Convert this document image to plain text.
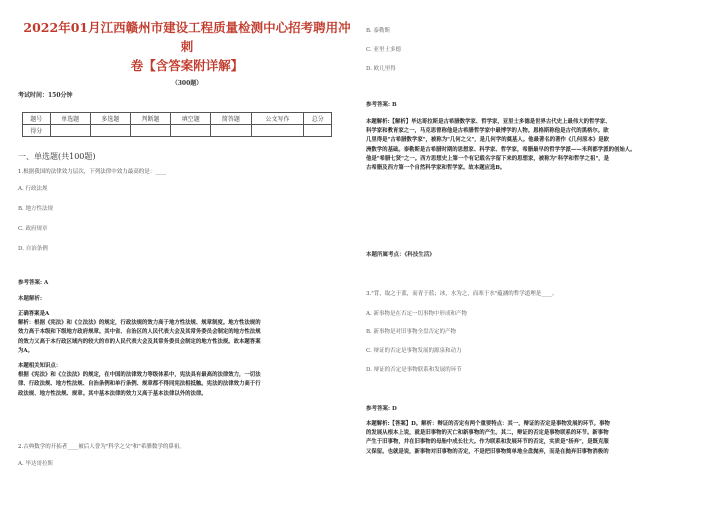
2022年01月江西赣州市建设工程质量检测中心招考聘用冲刺
卷【含答案附详解】
（300题）
考试时间：150分钟
题号	单选题	多选题	判断题	填空题	简答题	公文写作	总分
得分							
一、单选题(共100题)
1.根据我国的法律效力层次，下列法律中效力最高的是：____
A. 行政法规
B. 地方性法规
C. 政府规章
D. 自治条例
参考答案: A
本题解析:
正确答案是A
解析：根据《宪法》和《立法法》的规定，行政法规的效力高于地方性法规、规章制度。地方性法规的
效力高于本级和下级地方政府规章。其中省、自治区的人民代表大会及其常务委员会制定的地方性法规
的效力又高于本行政区域内的较大的市的人民代表大会及其常务委员会制定的地方性法规。故本题答案
为A。
本题相关知识点：
根据《宪法》和《立法法》的规定，在中国的法律效力等级体系中，宪法具有最高的法律效力，一切法
律、行政法规、地方性法规、自治条例和单行条例、规章都不得同宪法相抵触。宪法的法律效力高于行
政法规、地方性法规、规章。其中基本法律的效力又高于基本法律以外的法律。
2.古典数学的开拓者____被后人誉为"科学之父"和"希腊数学的鼻祖。
A. 毕达哥拉斯
B. 泰勒斯
C. 亚里士多德
D. 欧几里得
参考答案: B
本题解析:【解析】毕达哥拉斯是古希腊数学家、哲学家，亚里士多德是世界古代史上最伟大的哲学家、
科学家和教育家之一，马克思曾称他是古希腊哲学家中最博学的人物。恩格斯称他是古代的黑格尔。欧
几里得是"古希腊数学家"，被称为"几何之父"，是几何学的奠基人。他最著名的著作《几何原本》是欧
洲数学的基础。泰勒斯是古希腊时期的思想家、科学家、哲学家，希腊最早的哲学学派——米利都学派的创始人。
他是"希腊七贤"之一。西方思想史上第一个有记载名字留下来的思想家，被称为"科学和哲学之祖"，是
古希腊及西方第一个自然科学家和哲学家。故本题应选B。
本题所属考点：《科技生活》
3."背，取之于蓝，而青于蓝；冰，水为之，而寒于水"蕴涵的哲学道理是____。
A. 新事物是在否定一切事物中形成和产物
B. 新事物是对旧事物全盘否定的产物
C. 辩证的否定是事物发展的源泉和动力
D. 辩证的否定是事物联系和发展的环节
参考答案: D
本题解析:【答案】D。解析：辩证的否定有两个重要特点：其一，辩证的否定是事物发展的环节。事物
的发展从根本上说，就是旧事物的灭亡和新事物的产生。其二，辩证的否定是事物联系的环节。新事物
产生于旧事物，并在旧事物的母胎中成长壮大。作为联系和发展环节的否定，实质是"扬弃"，是既克服
又保留。也就是说，新事物对旧事物的否定，不是把旧事物简单地全盘抛弃，而是在抛弃旧事物消极的
